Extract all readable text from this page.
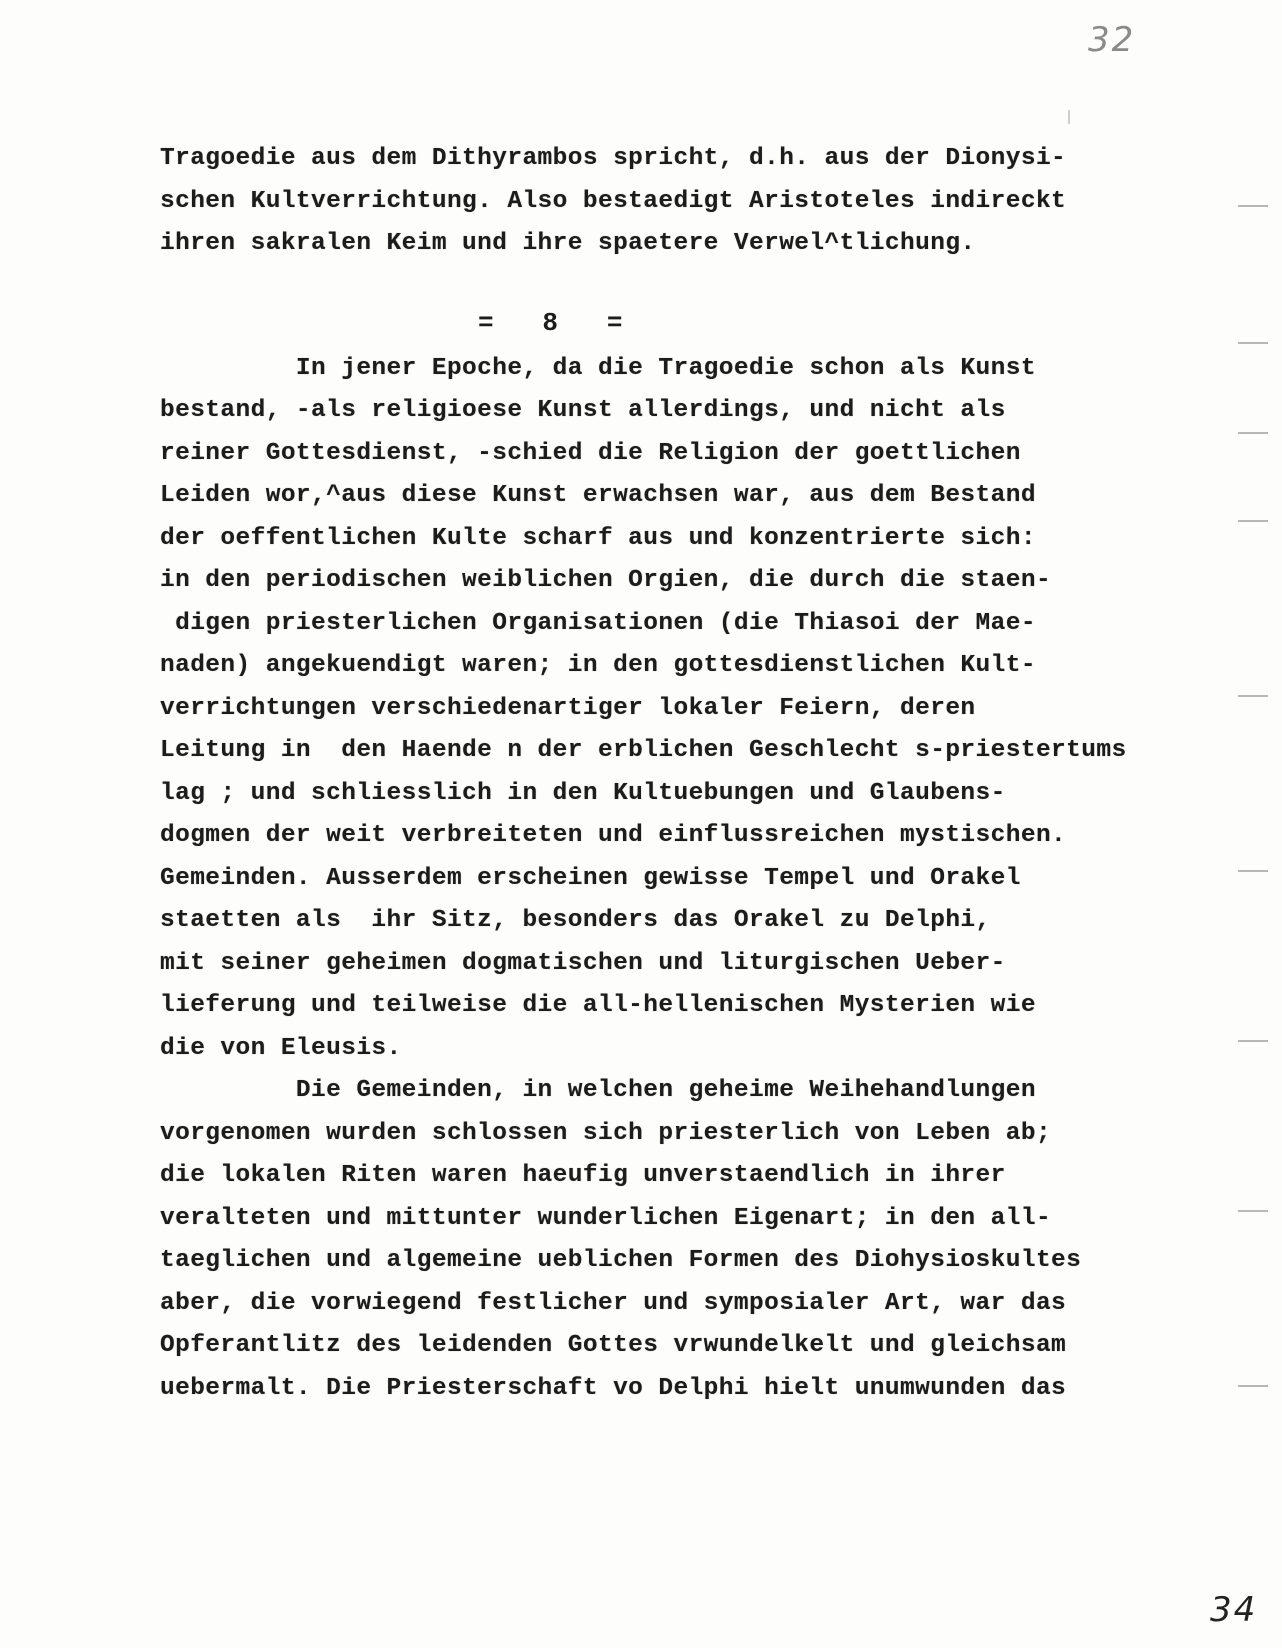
32
Tragoedie aus dem Dithyrambos spricht, d.h. aus der Dionysi-
schen Kultverrichtung. Also bestaedigt Aristoteles indireckt
ihren sakralen Keim und ihre spaetere Verwel^tlichung.
=   8   =
In jener Epoche, da die Tragoedie schon als Kunst
bestand, -als religioese Kunst allerdings, und nicht als
reiner Gottesdienst, -schied die Religion der goettlichen
Leiden wor,^aus diese Kunst erwachsen war, aus dem Bestand
der oeffentlichen Kulte scharf aus und konzentrierte sich:
in den periodischen weiblichen Orgien, die durch die staen-
digen priesterlichen Organisationen (die Thiasoi der Mae-
naden) angekuendigt waren; in den gottesdienstlichen Kult-
verrichtungen verschiedenartiger lokaler Feiern, deren
Leitung in  den Haende n der erblichen Geschlecht s-priestertums
lag ; und schliesslich in den Kultuebungen und Glaubens-
dogmen der weit verbreiteten und einflussreichen mystischen.
Gemeinden. Ausserdem erscheinen gewisse Tempel und Orakel
staetten als  ihr Sitz, besonders das Orakel zu Delphi,
mit seiner geheimen dogmatischen und liturgischen Ueber-
lieferung und teilweise die all-hellenischen Mysterien wie
die von Eleusis.
Die Gemeinden, in welchen geheime Weihehandlungen
vorgenomen wurden schlossen sich priesterlich von Leben ab;
die lokalen Riten waren haeufig unverstaendlich in ihrer
veralteten und mittunter wunderlichen Eigenart; in den all-
taeglichen und algemeine ueblichen Formen des Diohysioskultes
aber, die vorwiegend festlicher und symposialer Art, war das
Opferantlitz des leidenden Gottes vrwundelkelt und gleichsam
uebermalt. Die Priesterschaft vo Delphi hielt unumwunden das
34
